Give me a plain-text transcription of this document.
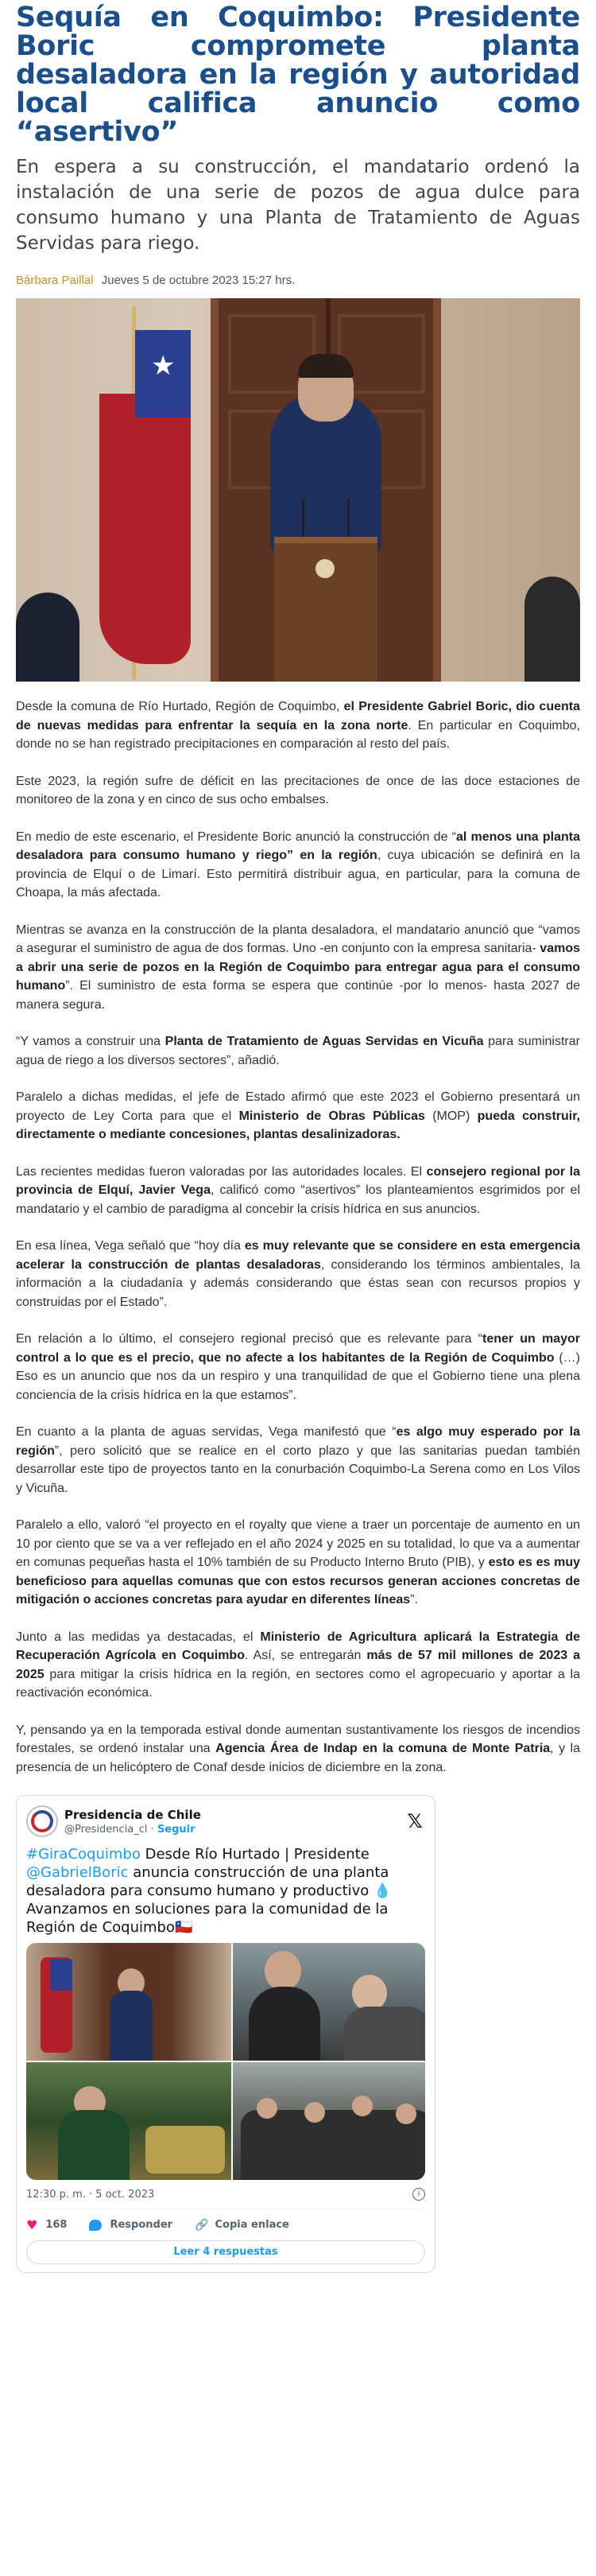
Sequía en Coquimbo: Presidente Boric compromete planta desaladora en la región y autoridad local califica anuncio como “asertivo”

En espera a su construcción, el mandatario ordenó la instalación de una serie de pozos de agua dulce para consumo humano y una Planta de Tratamiento de Aguas Servidas para riego.

Bárbara Paillal Jueves 5 de octubre 2023 15:27 hrs.
★

Desde la comuna de Río Hurtado, Región de Coquimbo, el Presidente Gabriel Boric, dio cuenta de nuevas medidas para enfrentar la sequía en la zona norte. En particular en Coquimbo, donde no se han registrado precipitaciones en comparación al resto del país.

Este 2023, la región sufre de déficit en las precitaciones de once de las doce estaciones de monitoreo de la zona y en cinco de sus ocho embalses.

En medio de este escenario, el Presidente Boric anunció la construcción de “al menos una planta desaladora para consumo humano y riego” en la región, cuya ubicación se definirá en la provincia de Elquí o de Limarí. Esto permitirá distribuir agua, en particular, para la comuna de Choapa, la más afectada.

Mientras se avanza en la construcción de la planta desaladora, el mandatario anunció que “vamos a asegurar el suministro de agua de dos formas. Uno -en conjunto con la empresa sanitaria- vamos a abrir una serie de pozos en la Región de Coquimbo para entregar agua para el consumo humano”. El suministro de esta forma se espera que continúe -por lo menos- hasta 2027 de manera segura.

“Y vamos a construir una Planta de Tratamiento de Aguas Servidas en Vicuña para suministrar agua de riego a los diversos sectores”, añadió.

Paralelo a dichas medidas, el jefe de Estado afirmó que este 2023 el Gobierno presentará un proyecto de Ley Corta para que el Ministerio de Obras Públicas (MOP) pueda construir, directamente o mediante concesiones, plantas desalinizadoras.

Las recientes medidas fueron valoradas por las autoridades locales. El consejero regional por la provincia de Elquí, Javier Vega, calificó como “asertivos” los planteamientos esgrimidos por el mandatario y el cambio de paradigma al concebir la crisis hídrica en sus anuncios.

En esa línea, Vega señaló que “hoy día es muy relevante que se considere en esta emergencia acelerar la construcción de plantas desaladoras, considerando los términos ambientales, la información a la ciudadanía y además considerando que éstas sean con recursos propios y construidas por el Estado”.

En relación a lo último, el consejero regional precisó que es relevante para “tener un mayor control a lo que es el precio, que no afecte a los habitantes de la Región de Coquimbo (…) Eso es un anuncio que nos da un respiro y una tranquilidad de que el Gobierno tiene una plena conciencia de la crisis hídrica en la que estamos”.

En cuanto a la planta de aguas servidas, Vega manifestó que “es algo muy esperado por la región”, pero solicitó que se realice en el corto plazo y que las sanitarias puedan también desarrollar este tipo de proyectos tanto en la conurbación Coquimbo-La Serena como en Los Vilos y Vicuña.

Paralelo a ello, valoró “el proyecto en el royalty que viene a traer un porcentaje de aumento en un 10 por ciento que se va a ver reflejado en el año 2024 y 2025 en su totalidad, lo que va a aumentar en comunas pequeñas hasta el 10% también de su Producto Interno Bruto (PIB), y esto es es muy beneficioso para aquellas comunas que con estos recursos generan acciones concretas de mitigación o acciones concretas para ayudar en diferentes líneas”.

Junto a las medidas ya destacadas, el Ministerio de Agricultura aplicará la Estrategia de Recuperación Agrícola en Coquimbo. Así, se entregarán más de 57 mil millones de 2023 a 2025 para mitigar la crisis hídrica en la región, en sectores como el agropecuario y aportar a la reactivación económica.

Y, pensando ya en la temporada estival donde aumentan sustantivamente los riesgos de incendios forestales, se ordenó instalar una Agencia Área de Indap en la comuna de Monte Patria, y la presencia de un helicóptero de Conaf desde inicios de diciembre en la zona.

Presidencia de Chile
@Presidencia_cl · Seguir	𝕏
#GiraCoquimbo Desde Río Hurtado | Presidente @GabrielBoric anuncia construcción de una planta desaladora para consumo humano y productivo 💧 Avanzamos en soluciones para la comunidad de la Región de Coquimbo🇨🇱
12:30 p. m. · 5 oct. 2023	i
♥ 168	Responder 🔗 Copia enlace
Leer 4 respuestas
